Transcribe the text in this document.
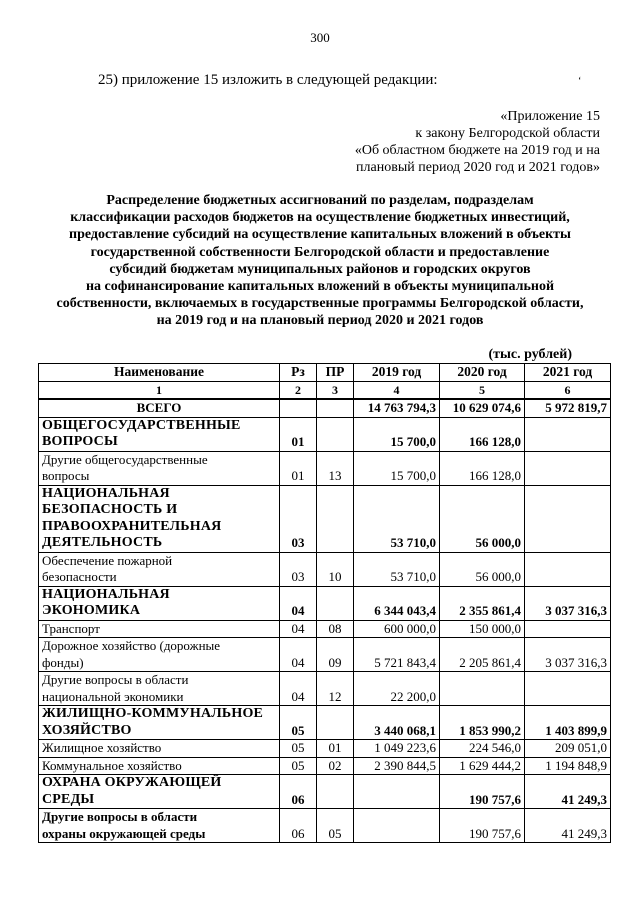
300
25) приложение 15 изложить в следующей редакции:	ʻ
«Приложение 15
к закону Белгородской области
«Об областном бюджете на 2019 год и на
плановый период 2020 год и 2021 годов»
Распределение бюджетных ассигнований по разделам, подразделам
классификации расходов бюджетов на осуществление бюджетных инвестиций,
предоставление субсидий на осуществление капитальных вложений в объекты
государственной собственности Белгородской области и предоставление
субсидий бюджетам муниципальных районов и городских округов
на софинансирование капитальных вложений в объекты муниципальной
собственности, включаемых в государственные программы Белгородской области,
на 2019 год и на плановый период 2020 и 2021 годов
(тыс. рублей)
Наименование	Рз	ПР	2019 год	2020 год	2021 год
1	2	3	4	5	6

ВСЕГО			14 763 794,3	10 629 074,6	5 972 819,7

ОБЩЕГОСУДАРСТВЕННЫЕ
ВОПРОСЫ	01		15 700,0	166 128,0	

Другие общегосударственные
вопросы	01	13	15 700,0	166 128,0	

НАЦИОНАЛЬНАЯ
БЕЗОПАСНОСТЬ И
ПРАВООХРАНИТЕЛЬНАЯ
ДЕЯТЕЛЬНОСТЬ	03		53 710,0	56 000,0	

Обеспечение пожарной
безопасности	03	10	53 710,0	56 000,0	

НАЦИОНАЛЬНАЯ
ЭКОНОМИКА	04		6 344 043,4	2 355 861,4	3 037 316,3

Транспорт	04	08	600 000,0	150 000,0	

Дорожное хозяйство (дорожные
фонды)	04	09	5 721 843,4	2 205 861,4	3 037 316,3

Другие вопросы в области
национальной экономики	04	12	22 200,0		

ЖИЛИЩНО-КОММУНАЛЬНОЕ
ХОЗЯЙСТВО	05		3 440 068,1	1 853 990,2	1 403 899,9

Жилищное хозяйство	05	01	1 049 223,6	224 546,0	209 051,0

Коммунальное хозяйство	05	02	2 390 844,5	1 629 444,2	1 194 848,9

ОХРАНА ОКРУЖАЮЩЕЙ
СРЕДЫ	06			190 757,6	41 249,3

Другие вопросы в области
охраны окружающей среды	06	05		190 757,6	41 249,3
